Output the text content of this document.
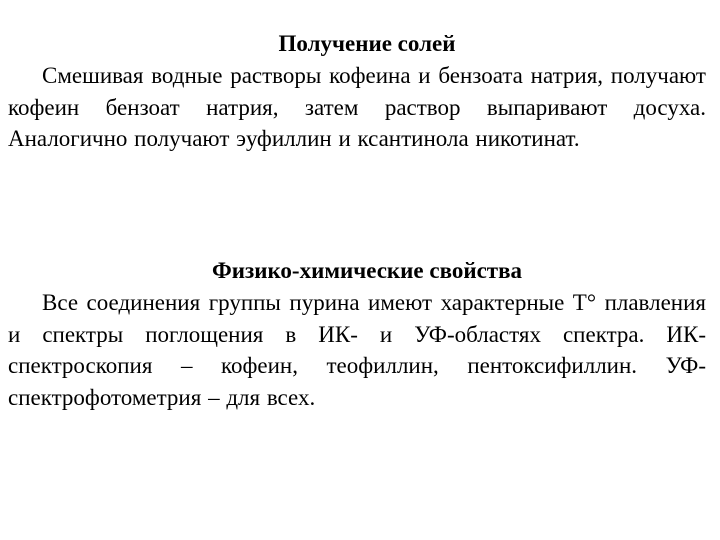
Получение солей

Смешивая водные растворы кофеина и бензоата натрия, получают кофеин бензоат натрия, затем раствор выпаривают досуха. Аналогично получают эуфиллин и ксантинола никотинат.

Физико-химические свойства

Все соединения группы пурина имеют характерные Т° плавления и спектры поглощения в ИК- и УФ-областях спектра. ИК-спектроскопия – кофеин, теофиллин, пентоксифиллин. УФ-спектрофотометрия – для всех.
